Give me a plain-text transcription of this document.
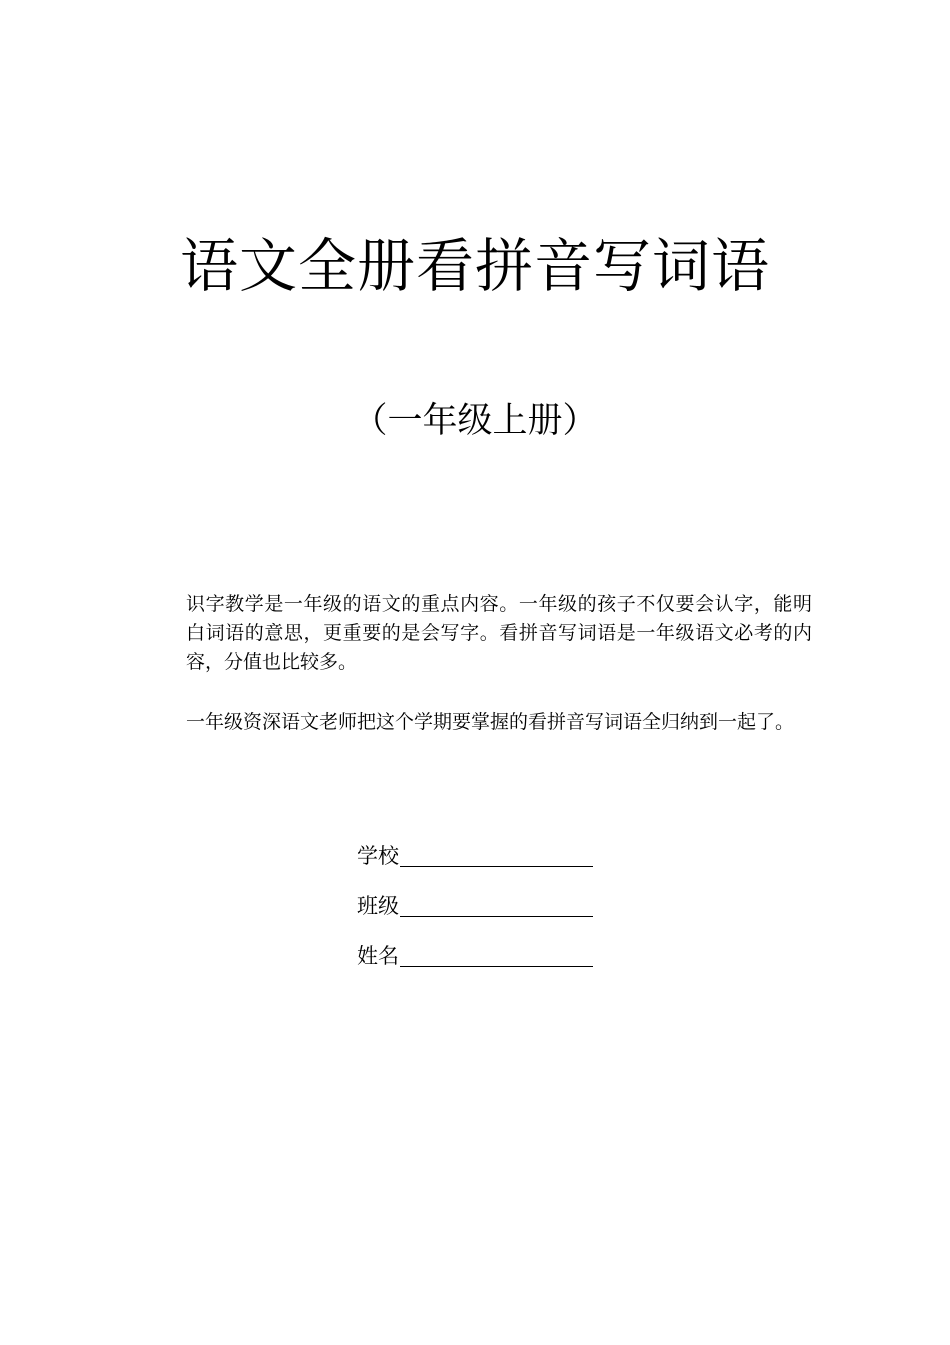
语文全册看拼音写词语
（一年级上册）

识字教学是一年级的语文的重点内容。一年级的孩子不仅要会认字，能明白词语的意思，更重要的是会写字。看拼音写词语是一年级语文必考的内容，分值也比较多。

一年级资深语文老师把这个学期要掌握的看拼音写词语全归纳到一起了。

学校
班级
姓名
